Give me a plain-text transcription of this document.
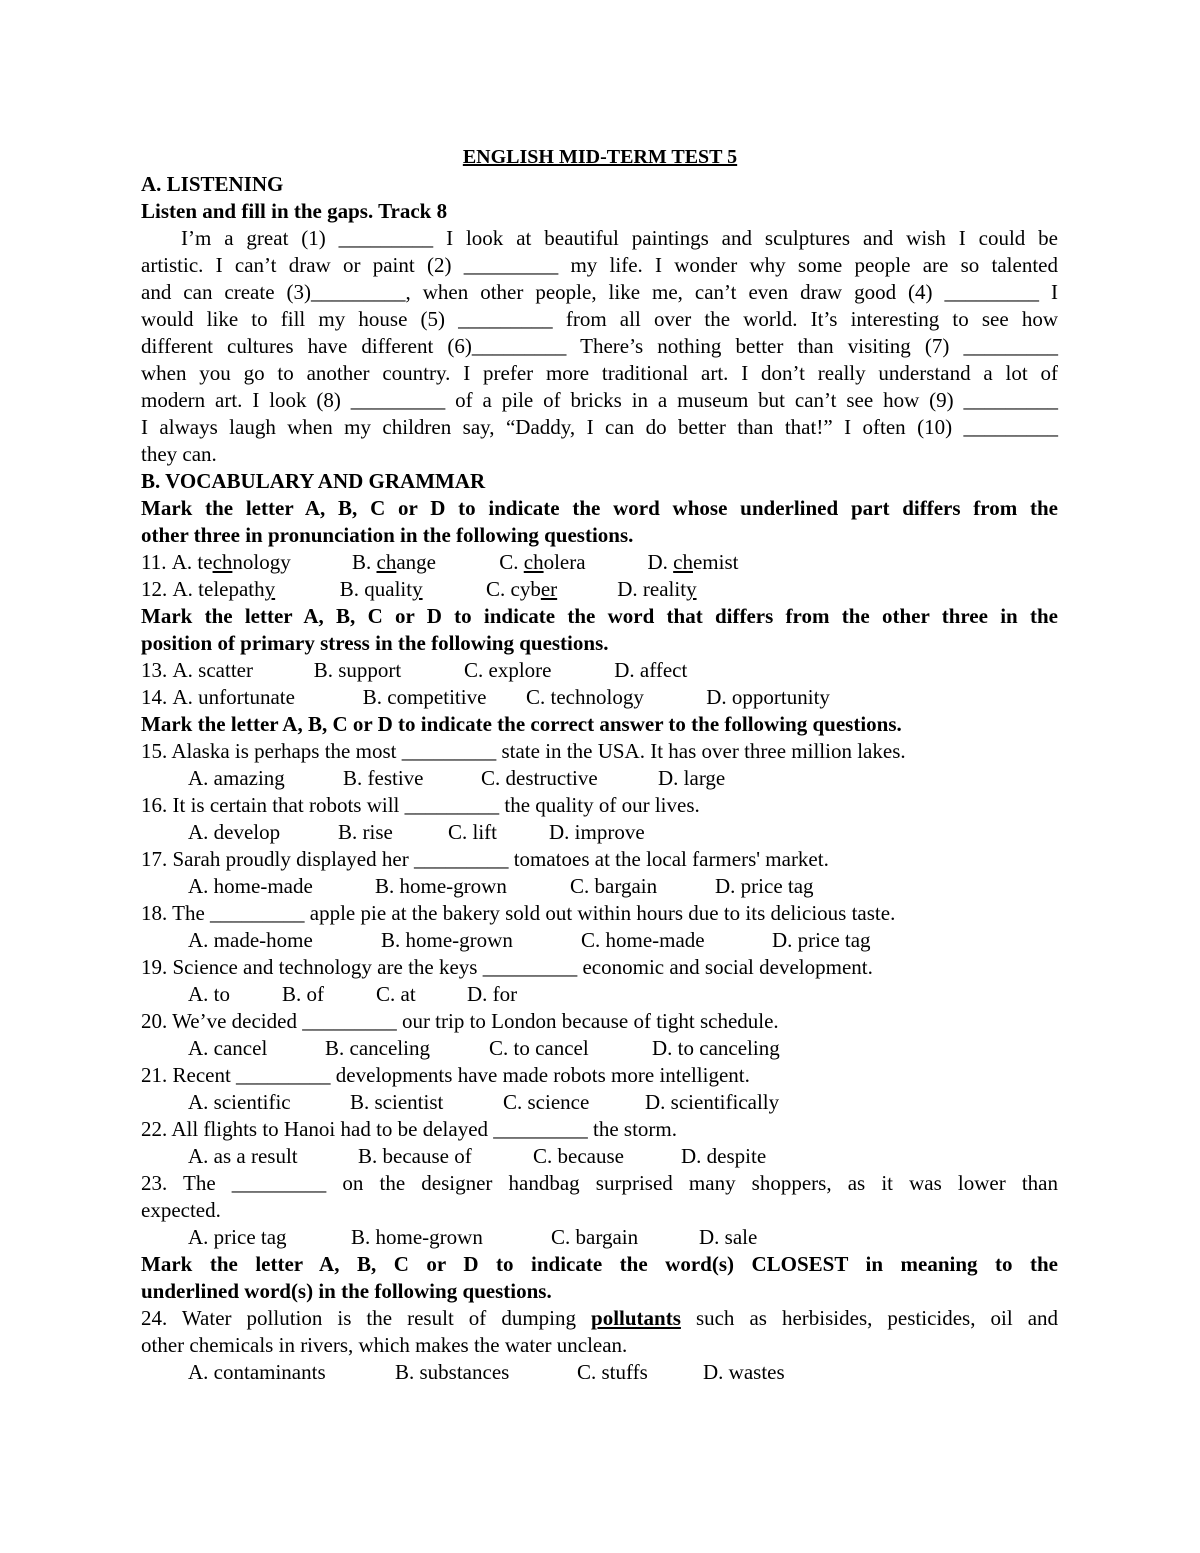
ENGLISH MID-TERM TEST 5
A. LISTENING
Listen and fill in the gaps. Track 8
I’m a great (1) _________ I look at beautiful paintings and sculptures and wish I could be
artistic. I can’t draw or paint (2) _________ my life. I wonder why some people are so talented
and can create (3)_________, when other people, like me, can’t even draw good (4) _________ I
would like to fill my house (5) _________ from all over the world. It’s interesting to see how
different cultures have different (6)_________ There’s nothing better than visiting (7) _________
when you go to another country. I prefer more traditional art. I don’t really understand a lot of
modern art. I look (8) _________ of a pile of bricks in a museum but can’t see how (9) _________
I always laugh when my children say, “Daddy, I can do better than that!” I often (10) _________
they can.
B. VOCABULARY AND GRAMMAR
Mark the letter A, B, C or D to indicate the word whose underlined part differs from the
other three in pronunciation in the following questions.
11. A. technology	B. change	C. cholera	D. chemist
12. A. telepathy	B. quality	C. cyber	D. reality
Mark the letter A, B, C or D to indicate the word that differs from the other three in the
position of primary stress in the following questions.
13. A. scatter	B. support	C. explore	D. affect
14. A. unfortunate	B. competitive C. technology	D. opportunity
Mark the letter A, B, C or D to indicate the correct answer to the following questions.
15. Alaska is perhaps the most _________ state in the USA. It has over three million lakes.
A. amazing	B. festive	C. destructive	D. large
16. It is certain that robots will _________ the quality of our lives.
A. develop	B. rise	C. lift D. improve
17. Sarah proudly displayed her _________ tomatoes at the local farmers' market.
A. home-made	B. home-grown	C. bargain	D. price tag
18. The _________ apple pie at the bakery sold out within hours due to its delicious taste.
A. made-home	B. home-grown	C. home-made	D. price tag
19. Science and technology are the keys _________ economic and social development.
A. to B. of C. at D. for
20. We’ve decided _________ our trip to London because of tight schedule.
A. cancel	B. canceling	C. to cancel	D. to canceling
21. Recent _________ developments have made robots more intelligent.
A. scientific	B. scientist	C. science	D. scientifically
22. All flights to Hanoi had to be delayed _________ the storm.
A. as a result	B. because of	C. because	D. despite
23. The _________ on the designer handbag surprised many shoppers, as it was lower than
expected.
A. price tag	B. home-grown	C. bargain	D. sale
Mark the letter A, B, C or D to indicate the word(s) CLOSEST in meaning to the
underlined word(s) in the following questions.
24. Water pollution is the result of dumping pollutants such as herbisides, pesticides, oil and
other chemicals in rivers, which makes the water unclean.
A. contaminants	B. substances	C. stuffs	D. wastes
